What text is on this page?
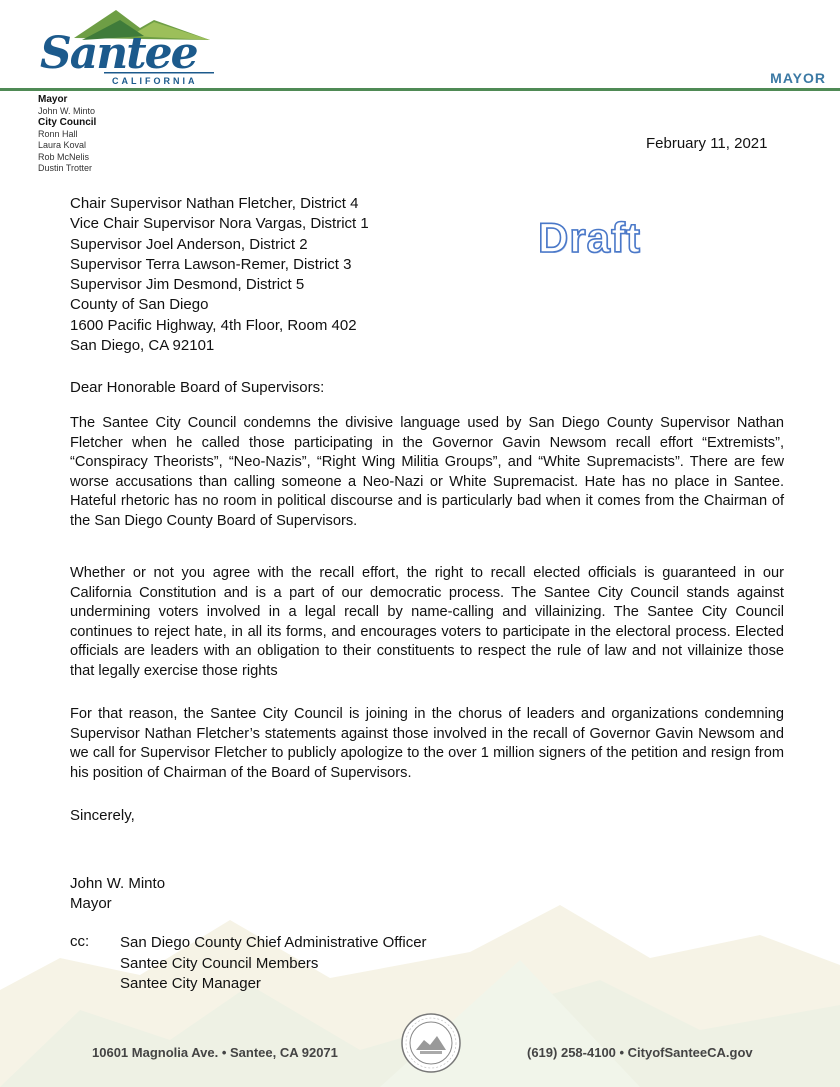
Santee
CALIFORNIA	MAYOR
Mayor
John W. Minto
City Council
Ronn Hall
Laura Koval
Rob McNelis
Dustin Trotter
February 11, 2021
Draft
Chair Supervisor Nathan Fletcher, District 4
Vice Chair Supervisor Nora Vargas, District 1
Supervisor Joel Anderson, District 2
Supervisor Terra Lawson-Remer, District 3
Supervisor Jim Desmond, District 5
County of San Diego
1600 Pacific Highway, 4th Floor, Room 402
San Diego, CA 92101
Dear Honorable Board of Supervisors:

The Santee City Council condemns the divisive language used by San Diego County Supervisor Nathan Fletcher when he called those participating in the Governor Gavin Newsom recall effort “Extremists”, “Conspiracy Theorists”, “Neo-Nazis”, “Right Wing Militia Groups”, and “White Supremacists”. There are few worse accusations than calling someone a Neo-Nazi or White Supremacist. Hate has no place in Santee. Hateful rhetoric has no room in political discourse and is particularly bad when it comes from the Chairman of the San Diego County Board of Supervisors.

Whether or not you agree with the recall effort, the right to recall elected officials is guaranteed in our California Constitution and is a part of our democratic process. The Santee City Council stands against undermining voters involved in a legal recall by name-calling and villainizing. The Santee City Council continues to reject hate, in all its forms, and encourages voters to participate in the electoral process. Elected officials are leaders with an obligation to their constituents to respect the rule of law and not villainize those that legally exercise those rights

For that reason, the Santee City Council is joining in the chorus of leaders and organizations condemning Supervisor Nathan Fletcher’s statements against those involved in the recall of Governor Gavin Newsom and we call for Supervisor Fletcher to publicly apologize to the over 1 million signers of the petition and resign from his position of Chairman of the Board of Supervisors.

Sincerely,
John W. Minto
Mayor
cc: San Diego County Chief Administrative Officer
Santee City Council Members
Santee City Manager
10601 Magnolia Ave. • Santee, CA 92071	(619) 258-4100 • CityofSanteeCA.gov
